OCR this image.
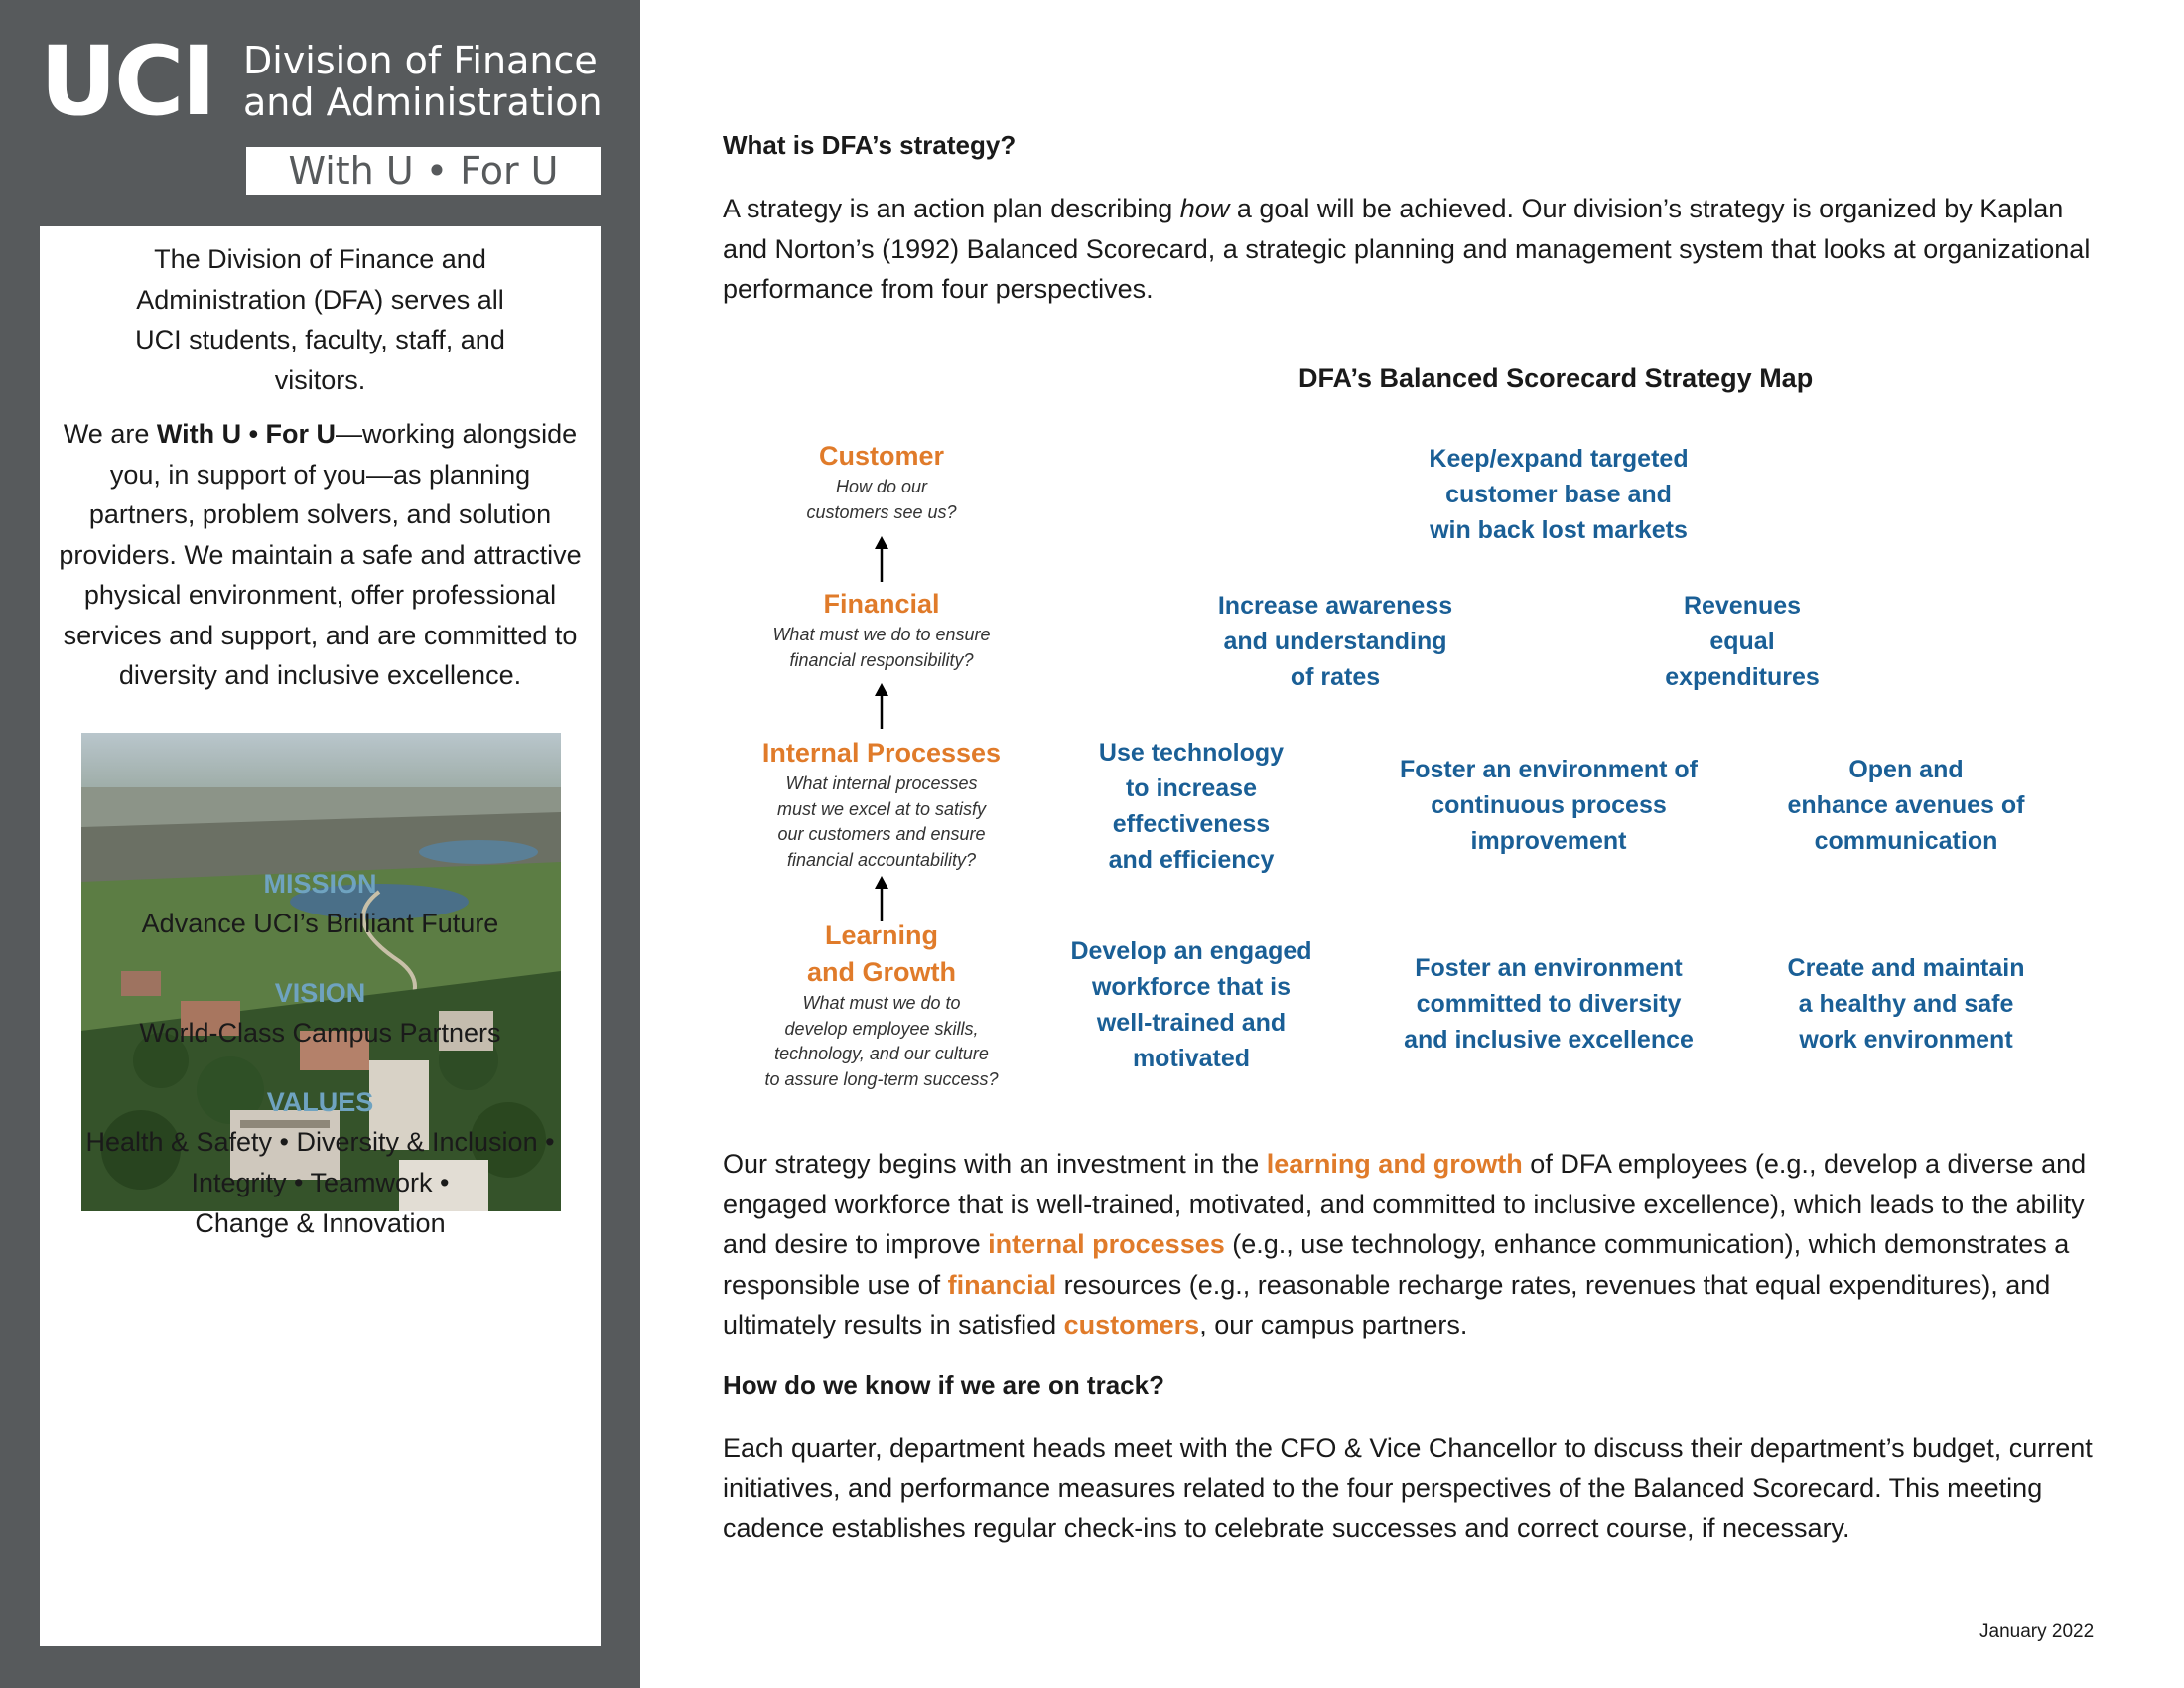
UCI Division of Finance
and Administration
With U • For U

The Division of Finance and Administration (DFA) serves all UCI students, faculty, staff, and visitors.

We are With U • For U—working alongside you, in support of you—as planning partners, problem solvers, and solution providers. We maintain a safe and attractive physical environment, offer professional services and support, and are committed to diversity and inclusive excellence.

MISSION
Advance UCI’s Brilliant Future
VISION
World-Class Campus Partners
VALUES
Health & Safety • Diversity & Inclusion •
Integrity • Teamwork •
Change & Innovation
What is DFA’s strategy?

A strategy is an action plan describing how a goal will be achieved. Our division’s strategy is organized by Kaplan and Norton’s (1992) Balanced Scorecard, a strategic planning and management system that looks at organizational performance from four perspectives.

DFA’s Balanced Scorecard Strategy Map
Customer
How do our
customers see us?
Financial
What must we do to ensure
financial responsibility?
Internal Processes
What internal processes
must we excel at to satisfy
our customers and ensure
financial accountability?
Learning
and Growth
What must we do to
develop employee skills,
technology, and our culture
to assure long-term success?
Keep/expand targeted
customer base and
win back lost markets
Increase awareness
and understanding
of rates
Revenues
equal
expenditures
Use technology
to increase
effectiveness
and efficiency
Foster an environment of
continuous process
improvement
Open and
enhance avenues of
communication
Develop an engaged
workforce that is
well-trained and
motivated
Foster an environment
committed to diversity
and inclusive excellence
Create and maintain
a healthy and safe
work environment

Our strategy begins with an investment in the learning and growth of DFA employees (e.g., develop a diverse and engaged workforce that is well-trained, motivated, and committed to inclusive excellence), which leads to the ability and desire to improve internal processes (e.g., use technology, enhance communication), which demonstrates a responsible use of financial resources (e.g., reasonable recharge rates, revenues that equal expenditures), and ultimately results in satisfied customers, our campus partners.

How do we know if we are on track?

Each quarter, department heads meet with the CFO & Vice Chancellor to discuss their department’s budget, current initiatives, and performance measures related to the four perspectives of the Balanced Scorecard. This meeting cadence establishes regular check-ins to celebrate successes and correct course, if necessary.

January 2022
